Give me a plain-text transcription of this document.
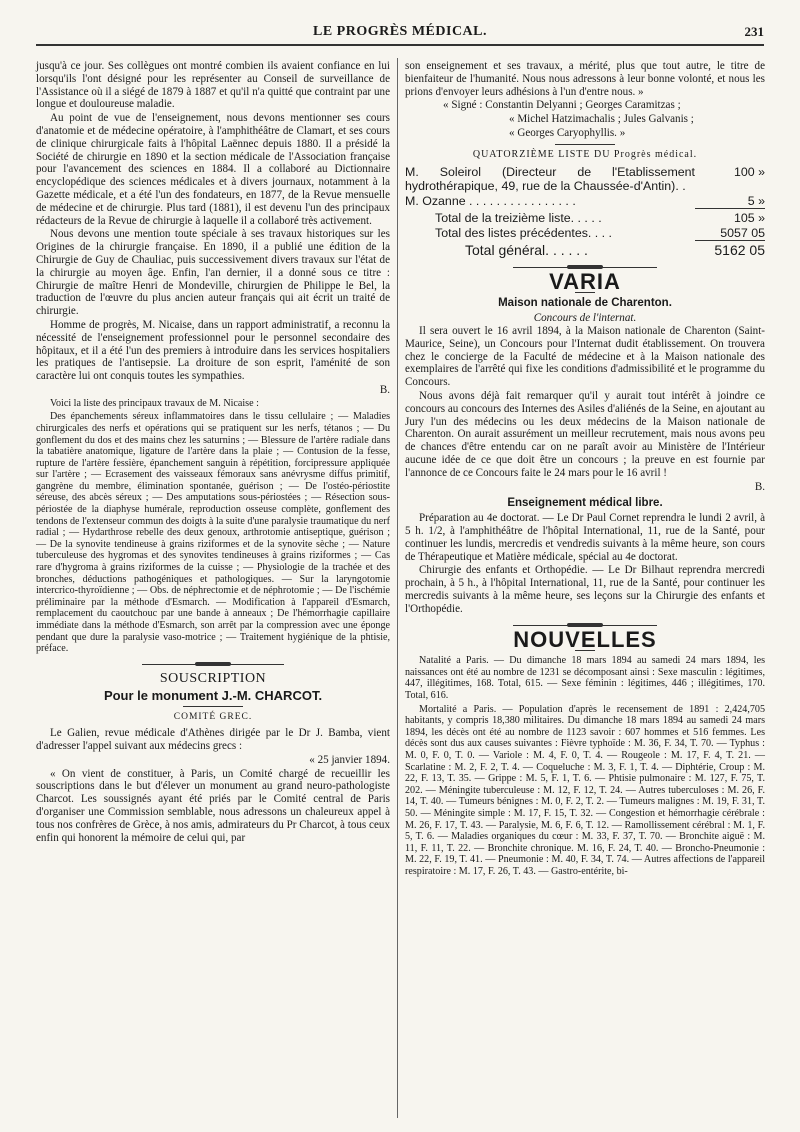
LE PROGRÈS MÉDICAL.	231

jusqu'à ce jour. Ses collègues ont montré combien ils avaient confiance en lui lorsqu'ils l'ont désigné pour les représenter au Conseil de surveillance de l'Assistance où il a siégé de 1879 à 1887 et qu'il n'a quitté que contraint par une longue et douloureuse maladie.

Au point de vue de l'enseignement, nous devons mentionner ses cours d'anatomie et de médecine opératoire, à l'amphithéâtre de Clamart, et ses cours de clinique chirurgicale faits à l'hôpital Laënnec depuis 1880. Il a présidé la Société de chirurgie en 1890 et la section médicale de l'Association française pour l'avancement des sciences en 1884. Il a collaboré au Dictionnaire encyclopédique des sciences médicales et à divers journaux, notamment à la Gazette médicale, et a été l'un des fondateurs, en 1877, de la Revue mensuelle de médecine et de chirurgie. Plus tard (1881), il est devenu l'un des principaux rédacteurs de la Revue de chirurgie à laquelle il a collaboré très activement.

Nous devons une mention toute spéciale à ses travaux historiques sur les Origines de la chirurgie française. En 1890, il a publié une édition de la Chirurgie de Guy de Chauliac, puis successivement divers travaux sur l'état de la chirurgie au moyen âge. Enfin, l'an dernier, il a donné sous ce titre : Chirurgie de maître Henri de Mondeville, chirurgien de Philippe le Bel, la traduction de l'œuvre du plus ancien auteur français qui ait écrit un traité de chirurgie.

Homme de progrès, M. Nicaise, dans un rapport administratif, a reconnu la nécessité de l'enseignement professionnel pour le personnel secondaire des hôpitaux, et il a été l'un des premiers à introduire dans les services hospitaliers les pratiques de l'antisepsie. La droiture de son esprit, l'aménité de son caractère lui ont conquis toutes les sympathies.

B.

Voici la liste des principaux travaux de M. Nicaise :

Des épanchements séreux inflammatoires dans le tissu cellulaire ; — Maladies chirurgicales des nerfs et opérations qui se pratiquent sur les nerfs, tétanos ; — Du gonflement du dos et des mains chez les saturnins ; — Blessure de l'artère radiale dans la tabatière anatomique, ligature de l'artère dans la plaie ; — Contusion de la fesse, rupture de l'artère fessière, épanchement sanguin à répétition, forcipressure appliquée sur l'artère ; — Ecrasement des vaisseaux fémoraux sans anévrysme diffus primitif, gangrène du membre, élimination spontanée, guérison ; — De l'ostéo-périostite séreuse, des abcès séreux ; — Des amputations sous-périostées ; — Résection sous-périostée de la diaphyse humérale, reproduction osseuse complète, gonflement des tendons de l'extenseur commun des doigts à la suite d'une paralysie traumatique du nerf radial ; — Hydarthrose rebelle des deux genoux, arthrotomie antiseptique, guérison ; — De la synovite tendineuse à grains riziformes et de la synovite sèche ; — Nature tuberculeuse des hygromas et des synovites tendineuses à grains riziformes ; — Cas rare d'hygroma à grains riziformes de la cuisse ; — Physiologie de la trachée et des bronches, déductions pathogéniques et pathologiques. — Sur la laryngotomie intercrico-thyroïdienne ; — Obs. de néphrectomie et de néphrotomie ; — De l'ischémie préliminaire par la méthode d'Esmarch. — Modification à l'appareil d'Esmarch, remplacement du caoutchouc par une bande à anneaux ; De l'hémorrhagie capillaire immédiate dans la méthode d'Esmarch, son arrêt par la compression avec une éponge pendant que dure la paralysie vaso-motrice ; — Traitement hygiénique de la phtisie, préface.

SOUSCRIPTION
Pour le monument J.-M. CHARCOT.
COMITÉ GREC.

Le Galien, revue médicale d'Athènes dirigée par le Dr J. Bamba, vient d'adresser l'appel suivant aux médecins grecs :

« 25 janvier 1894.

« On vient de constituer, à Paris, un Comité chargé de recueillir les souscriptions dans le but d'élever un monument au grand neuro-pathologiste Charcot. Les soussignés ayant été priés par le Comité central de Paris d'organiser une Commission semblable, nous adressons un chaleureux appel à tous nos confrères de Grèce, à nos amis, admirateurs du Pr Charcot, à tous ceux enfin qui honorent la mémoire de celui qui, par

son enseignement et ses travaux, a mérité, plus que tout autre, le titre de bienfaiteur de l'humanité. Nous nous adressons à leur bonne volonté, et nous les prions d'envoyer leurs adhésions à l'un d'entre nous. »

« Signé : Constantin Delyanni ; Georges Caramitzas ;

« Michel Hatzimachalis ; Jules Galvanis ;

« Georges Caryophyllis. »

QUATORZIÈME LISTE DU Progrès médical.
M. Soleirol (Directeur de l'Etablissement hydrothérapique, 49, rue de la Chaussée-d'Antin). .	100 »
M. Ozanne . . . . . . . . . . . . . . . .	5 »
Total de la treizième liste. . . . .	105 »
Total des listes précédentes. . . .	5057 05
Total général. . . . . .	5162 05
VARIA
Maison nationale de Charenton.
Concours de l'internat.

Il sera ouvert le 16 avril 1894, à la Maison nationale de Charenton (Saint-Maurice, Seine), un Concours pour l'Internat dudit établissement. On trouvera chez le concierge de la Faculté de médecine et à la Maison nationale des exemplaires de l'arrêté qui fixe les conditions d'admissibilité et le programme du Concours.

Nous avons déjà fait remarquer qu'il y aurait tout intérêt à joindre ce concours au concours des Internes des Asiles d'aliénés de la Seine, en ajoutant au Jury l'un des médecins ou les deux médecins de la Maison nationale de Charenton. On aurait assurément un meilleur recrutement, mais nous avons peu de chances d'être entendu car on ne paraît avoir au Ministère de l'Intérieur aucune idée de ce que doit être un concours ; la preuve en est fournie par l'annonce de ce Concours faite le 24 mars pour le 16 avril !

B.

Enseignement médical libre.

Préparation au 4e doctorat. — Le Dr Paul Cornet reprendra le lundi 2 avril, à 5 h. 1/2, à l'amphithéâtre de l'hôpital International, 11, rue de la Santé, pour continuer les lundis, mercredis et vendredis suivants à la même heure, son cours de Thérapeutique et Matière médicale, spécial au 4e doctorat.

Chirurgie des enfants et Orthopédie. — Le Dr Bilhaut reprendra mercredi prochain, à 5 h., à l'hôpital International, 11, rue de la Santé, pour continuer les mercredis suivants à la même heure, ses leçons sur la Chirurgie des enfants et l'Orthopédie.

NOUVELLES

Natalité a Paris. — Du dimanche 18 mars 1894 au samedi 24 mars 1894, les naissances ont été au nombre de 1231 se décomposant ainsi : Sexe masculin : légitimes, 447, illégitimes, 168. Total, 615. — Sexe féminin : légitimes, 446 ; illégitimes, 170. Total, 616.

Mortalité a Paris. — Population d'après le recensement de 1891 : 2,424,705 habitants, y compris 18,380 militaires. Du dimanche 18 mars 1894 au samedi 24 mars 1894, les décès ont été au nombre de 1123 savoir : 607 hommes et 516 femmes. Les décès sont dus aux causes suivantes : Fièvre typhoïde : M. 36, F. 34, T. 70. — Typhus : M. 0, F. 0, T. 0. — Variole : M. 4, F. 0, T. 4. — Rougeole : M. 17, F. 4, T. 21. — Scarlatine : M. 2, F. 2, T. 4. — Coqueluche : M. 3, F. 1, T. 4. — Diphtérie, Croup : M. 22, F. 13, T. 35. — Grippe : M. 5, F. 1, T. 6. — Phtisie pulmonaire : M. 127, F. 75, T. 202. — Méningite tuberculeuse : M. 12, F. 12, T. 24. — Autres tuberculoses : M. 26, F. 14, T. 40. — Tumeurs bénignes : M. 0, F. 2, T. 2. — Tumeurs malignes : M. 19, F. 31, T. 50. — Méningite simple : M. 17, F. 15, T. 32. — Congestion et hémorrhagie cérébrale : M. 26, F. 17, T. 43. — Paralysie, M. 6, F. 6, T. 12. — Ramollissement cérébral : M. 1, F. 5, T. 6. — Maladies organiques du cœur : M. 33, F. 37, T. 70. — Bronchite aiguë : M. 11, F. 11, T. 22. — Bronchite chronique. M. 16, F. 24, T. 40. — Broncho-Pneumonie : M. 22, F. 19, T. 41. — Pneumonie : M. 40, F. 34, T. 74. — Autres affections de l'appareil respiratoire : M. 17, F. 26, T. 43. — Gastro-entérite, bi-
